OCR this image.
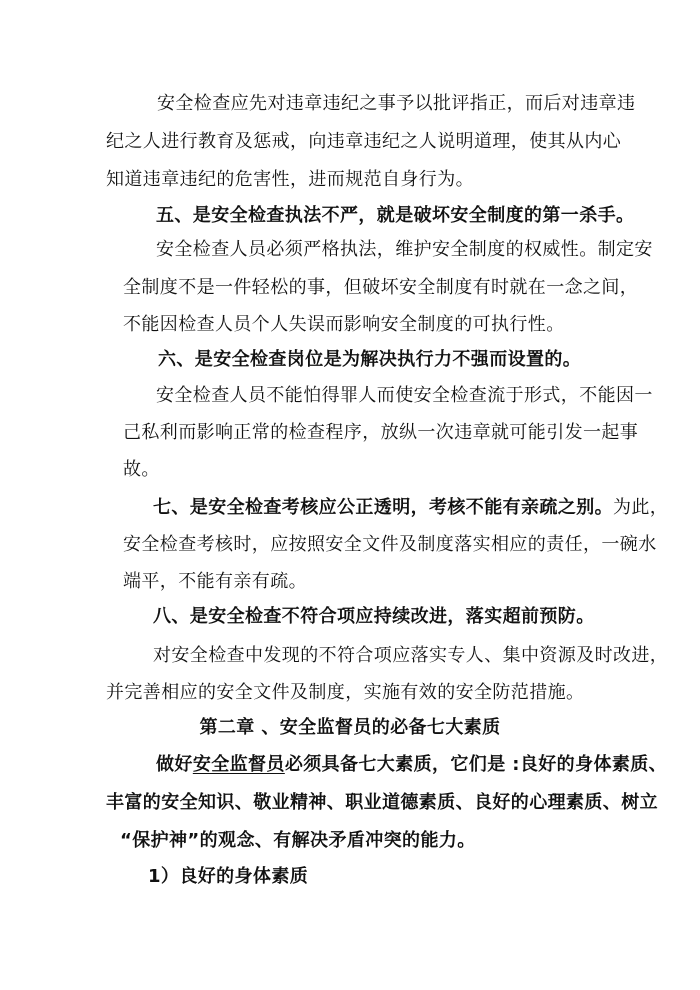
安全检查应先对违章违纪之事予以批评指正，而后对违章违
纪之人进行教育及惩戒，向违章违纪之人说明道理，使其从内心
知道违章违纪的危害性，进而规范自身行为。
五、是安全检查执法不严，就是破坏安全制度的第一杀手。
安全检查人员必须严格执法，维护安全制度的权威性。制定安
全制度不是一件轻松的事，但破坏安全制度有时就在一念之间，
不能因检查人员个人失误而影响安全制度的可执行性。
六、是安全检查岗位是为解决执行力不强而设置的。
安全检查人员不能怕得罪人而使安全检查流于形式，不能因一
己私利而影响正常的检查程序，放纵一次违章就可能引发一起事
故。
七、是安全检查考核应公正透明，考核不能有亲疏之别。为此，
安全检查考核时，应按照安全文件及制度落实相应的责任，一碗水
端平，不能有亲有疏。
八、是安全检查不符合项应持续改进，落实超前预防。
对安全检查中发现的不符合项应落实专人、集中资源及时改进，
并完善相应的安全文件及制度，实施有效的安全防范措施。
第二章 、安全监督员的必备七大素质
做好安全监督员必须具备七大素质，它们是 :良好的身体素质、
丰富的安全知识、敬业精神、职业道德素质、良好的心理素质、树立
“保护神”的观念、有解决矛盾冲突的能力。
1）良好的身体素质
